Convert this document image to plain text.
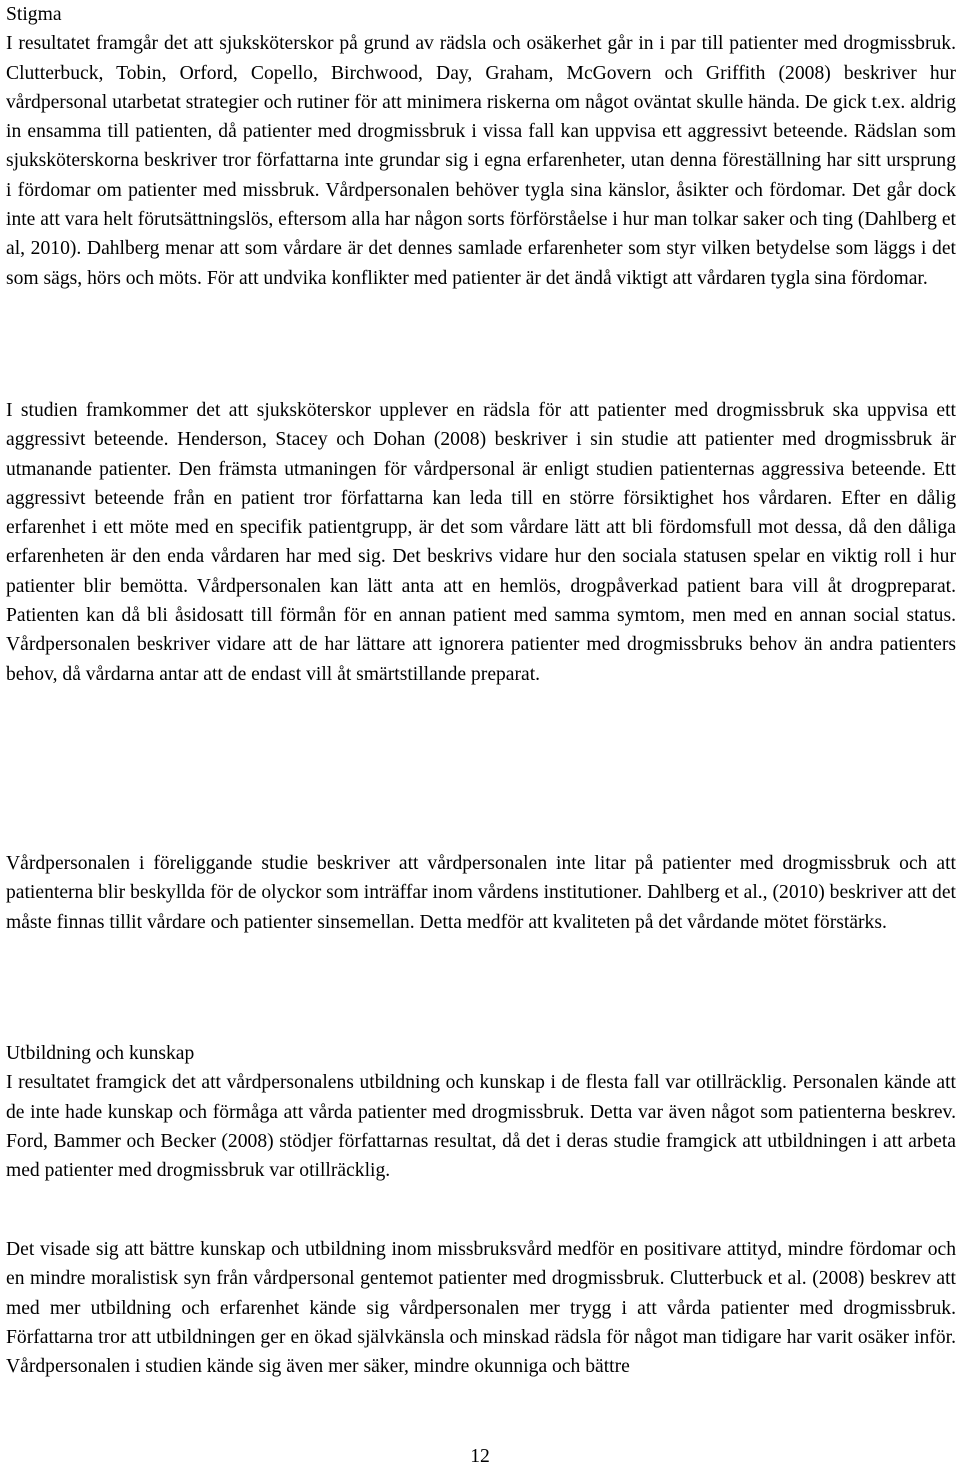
Stigma

I resultatet framgår det att sjuksköterskor på grund av rädsla och osäkerhet går in i par till patienter med drogmissbruk. Clutterbuck, Tobin, Orford, Copello, Birchwood, Day, Graham, McGovern och Griffith (2008) beskriver hur vårdpersonal utarbetat strategier och rutiner för att minimera riskerna om något oväntat skulle hända. De gick t.ex. aldrig in ensamma till patienten, då patienter med drogmissbruk i vissa fall kan uppvisa ett aggressivt beteende. Rädslan som sjuksköterskorna beskriver tror författarna inte grundar sig i egna erfarenheter, utan denna föreställning har sitt ursprung i fördomar om patienter med missbruk. Vårdpersonalen behöver tygla sina känslor, åsikter och fördomar. Det går dock inte att vara helt förutsättningslös, eftersom alla har någon sorts förförståelse i hur man tolkar saker och ting (Dahlberg et al, 2010). Dahlberg menar att som vårdare är det dennes samlade erfarenheter som styr vilken betydelse som läggs i det som sägs, hörs och möts. För att undvika konflikter med patienter är det ändå viktigt att vårdaren tygla sina fördomar.

I studien framkommer det att sjuksköterskor upplever en rädsla för att patienter med drogmissbruk ska uppvisa ett aggressivt beteende. Henderson, Stacey och Dohan (2008) beskriver i sin studie att patienter med drogmissbruk är utmanande patienter. Den främsta utmaningen för vårdpersonal är enligt studien patienternas aggressiva beteende. Ett aggressivt beteende från en patient tror författarna kan leda till en större försiktighet hos vårdaren. Efter en dålig erfarenhet i ett möte med en specifik patientgrupp, är det som vårdare lätt att bli fördomsfull mot dessa, då den dåliga erfarenheten är den enda vårdaren har med sig. Det beskrivs vidare hur den sociala statusen spelar en viktig roll i hur patienter blir bemötta. Vårdpersonalen kan lätt anta att en hemlös, drogpåverkad patient bara vill åt drogpreparat. Patienten kan då bli åsidosatt till förmån för en annan patient med samma symtom, men med en annan social status. Vårdpersonalen beskriver vidare att de har lättare att ignorera patienter med drogmissbruks behov än andra patienters behov, då vårdarna antar att de endast vill åt smärtstillande preparat.

Vårdpersonalen i föreliggande studie beskriver att vårdpersonalen inte litar på patienter med drogmissbruk och att patienterna blir beskyllda för de olyckor som inträffar inom vårdens institutioner. Dahlberg et al., (2010) beskriver att det måste finnas tillit vårdare och patienter sinsemellan. Detta medför att kvaliteten på det vårdande mötet förstärks.

Utbildning och kunskap

I resultatet framgick det att vårdpersonalens utbildning och kunskap i de flesta fall var otillräcklig. Personalen kände att de inte hade kunskap och förmåga att vårda patienter med drogmissbruk. Detta var även något som patienterna beskrev. Ford, Bammer och Becker (2008) stödjer författarnas resultat, då det i deras studie framgick att utbildningen i att arbeta med patienter med drogmissbruk var otillräcklig.

Det visade sig att bättre kunskap och utbildning inom missbruksvård medför en positivare attityd, mindre fördomar och en mindre moralistisk syn från vårdpersonal gentemot patienter med drogmissbruk. Clutterbuck et al. (2008) beskrev att med mer utbildning och erfarenhet kände sig vårdpersonalen mer trygg i att vårda patienter med drogmissbruk. Författarna tror att utbildningen ger en ökad självkänsla och minskad rädsla för något man tidigare har varit osäker inför. Vårdpersonalen i studien kände sig även mer säker, mindre okunniga och bättre

12
